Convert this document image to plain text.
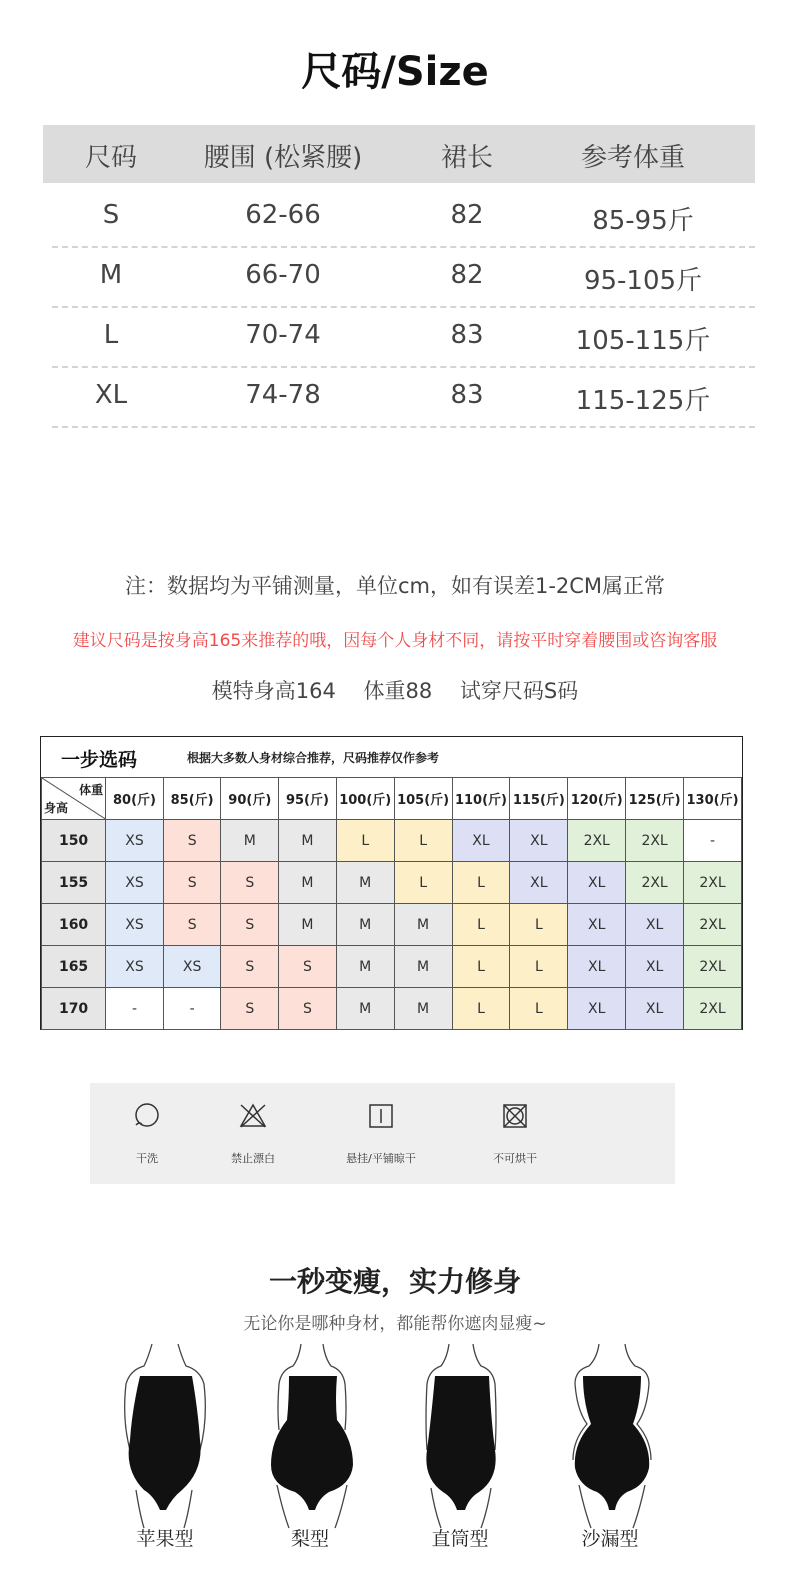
尺码/Size
尺码	腰围 (松紧腰)	裙长	参考体重
S	62-66	82	85-95斤
M	66-70	82	95-105斤
L	70-74	83	105-115斤
XL	74-78	83	115-125斤
注：数据均为平铺测量，单位cm，如有误差1-2CM属正常
建议尺码是按身高165来推荐的哦，因每个人身材不同，请按平时穿着腰围或咨询客服
模特身高164　 体重88　 试穿尺码S码
一步选码	根据大多数人身材综合推荐，尺码推荐仅作参考
体重
身高	80(斤)	85(斤)	90(斤)	95(斤)	100(斤)	105(斤)	110(斤)	115(斤)	120(斤)	125(斤)	130(斤)
150	XS	S	M	M	L	L	XL	XL	2XL	2XL	-
155	XS	S	S	M	M	L	L	XL	XL	2XL	2XL
160	XS	S	S	M	M	M	L	L	XL	XL	2XL
165	XS	XS	S	S	M	M	L	L	XL	XL	2XL
170	-	-	S	S	M	M	L	L	XL	XL	2XL
干洗	禁止漂白	悬挂/平铺晾干	不可烘干
一秒变瘦，实力修身
无论你是哪种身材，都能帮你遮肉显瘦~
苹果型	梨型	直筒型	沙漏型
